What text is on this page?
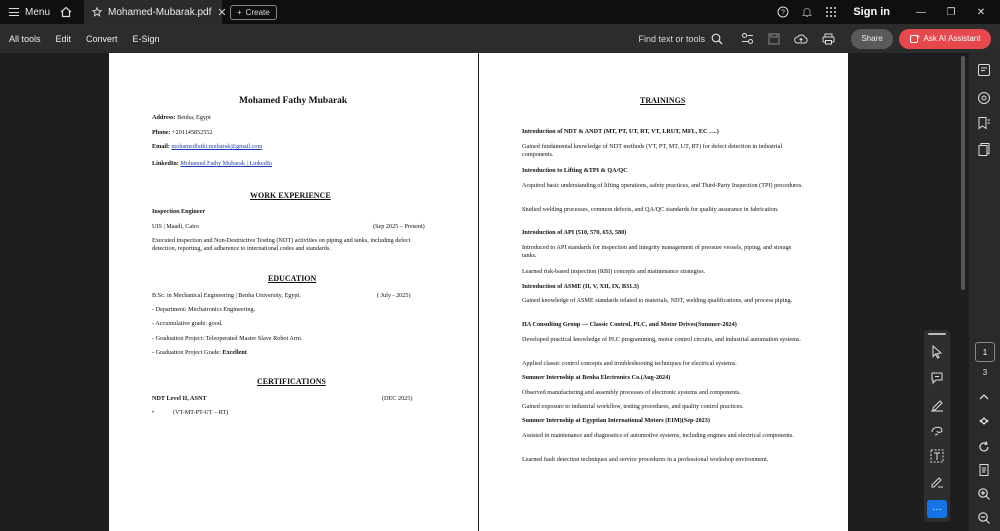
Menu	Mohamed-Mubarak.pdf ✕ + Create	?	Sign in	—	❐	✕
All tools Edit Convert E-Sign	Find text or tools	Share	Ask AI Assistant
Mohamed Fathy Mubarak
Address: Benha, Egypt
Phone: +201145852552
Email: mohamedfathi.mubarak@gmail.com
LinkedIn: Mohamed Fathy Mubarak | LinkedIn
WORK EXPERIENCE
Inspection Engineer
UIS | Maadi, Cairo	(Sep 2025 – Present)
Executed inspection and Non-Destructive Testing (NDT) activities on piping and tanks, including defect detection, reporting, and adherence to international codes and standards.
EDUCATION
B.Sc. in Mechanical Engineering | Benha University, Egypt.	( July - 2025)
- Department: Mechatronics Engineering.
- Accumulative grade: good.
- Graduation Project: Teleoperated Master Slave Robot Arm.
- Graduation Project Grade: Excellent
CERTIFICATIONS
NDT Level II, ASNT	(DEC 2025)
•	(VT-MT-PT-UT – RT)
TRAININGS
Introduction of NDT & ANDT (MT, PT, UT, RT, VT, LRUT, MFL, EC ….)
Gained fundamental knowledge of NDT methods (VT, PT, MT, UT, RT) for defect detection in industrial components.
Introduction to Lifting &TPI & QA/QC
Acquired basic understanding of lifting operations, safety practices, and Third-Party Inspection (TPI) procedures.
Studied welding processes, common defects, and QA/QC standards for quality assurance in fabrication.
Introduction of API (510, 570, 653, 580)
Introduced to API standards for inspection and integrity management of pressure vessels, piping, and storage tanks.
Learned risk-based inspection (RBI) concepts and maintenance strategies.
Introduction of ASME (II, V, XII, IX, B31.3)
Gained knowledge of ASME standards related to materials, NDT, welding qualifications, and process piping.
HA Consulting Group — Classic Control, PLC, and Motor Drives(Summer-2024)
Developed practical knowledge of PLC programming, motor control circuits, and industrial automation systems.
Applied classic control concepts and troubleshooting techniques for electrical systems.
Summer Internship at Benha Electronics Co.(Aug-2024)
Observed manufacturing and assembly processes of electronic systems and components.
Gained exposure to industrial workflow, testing procedures, and quality control practices.
Summer Internship at Egyptian International Motors (EIM)(Sep-2023)
Assisted in maintenance and diagnostics of automotive systems, including engines and electrical components.
Learned fault detection techniques and service procedures in a professional workshop environment.
1
3
···
